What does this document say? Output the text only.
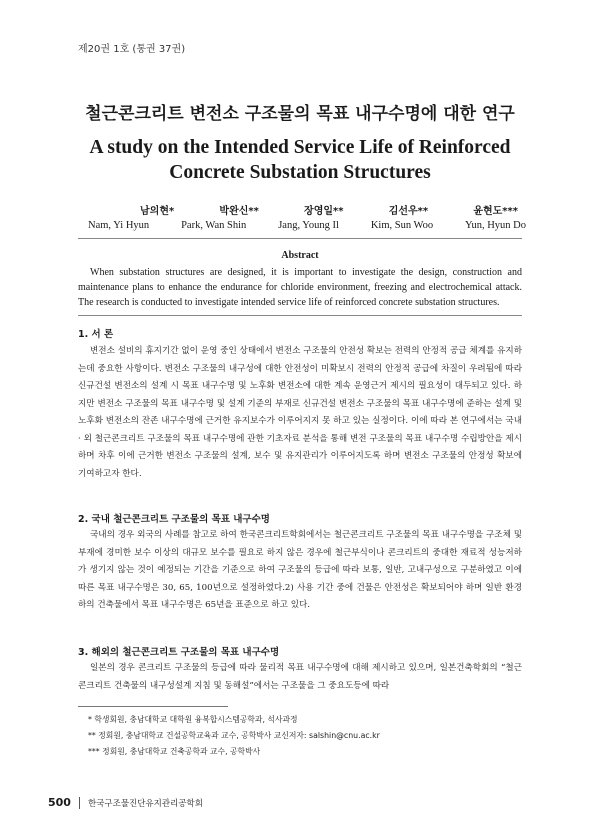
제20권 1호 (통권 37권)
철근콘크리트 변전소 구조물의 목표 내구수명에 대한 연구
A study on the Intended Service Life of Reinforced
Concrete Substation Structures
남의현*	박완신**	장영일**	김선우**	윤현도***
Nam, Yi Hyun	Park, Wan Shin	Jang, Young Il	Kim, Sun Woo	Yun, Hyun Do
Abstract

When substation structures are designed, it is important to investigate the design, construction and maintenance plans to enhance the endurance for chloride environment, freezing and electrochemical attack. The research is conducted to investigate intended service life of reinforced concrete substation structures.

1. 서 론

변전소 설비의 휴지기간 없이 운영 중인 상태에서 변전소 구조물의 안전성 확보는 전력의 안정적 공급 체계를 유지하는데 중요한 사항이다. 변전소 구조물의 내구성에 대한 안전성이 미확보시 전력의 안정적 공급에 차질이 우려됨에 따라 신규건설 변전소의 설계 시 목표 내구수명 및 노후화 변전소에 대한 계속 운영근거 제시의 필요성이 대두되고 있다. 하지만 변전소 구조물의 목표 내구수명 및 설계 기준의 부재로 신규건설 변전소 구조물의 목표 내구수명에 준하는 설계 및 노후화 변전소의 잔존 내구수명에 근거한 유지보수가 이루어지지 못 하고 있는 실정이다. 이에 따라 본 연구에서는 국내 · 외 철근콘크리트 구조물의 목표 내구수명에 관한 기초자료 분석을 통해 변전 구조물의 목표 내구수명 수립방안을 제시하며 차후 이에 근거한 변전소 구조물의 설계, 보수 및 유지관리가 이루어지도록 하며 변전소 구조물의 안정성 확보에 기여하고자 한다.

2. 국내 철근콘크리트 구조물의 목표 내구수명

국내의 경우 외국의 사례를 참고로 하여 한국콘크리트학회에서는 철근콘크리트 구조물의 목표 내구수명을 구조체 및 부재에 경미한 보수 이상의 대규모 보수를 필요로 하지 않은 경우에 철근부식이나 콘크리트의 중대한 재료적 성능저하가 생기지 않는 것이 예정되는 기간을 기준으로 하여 구조물의 등급에 따라 보통, 일반, 고내구성으로 구분하였고 이에 따른 목표 내구수명은 30, 65, 100년으로 설정하였다.2) 사용 기간 중에 건물은 안전성은 확보되어야 하며 일반 환경하의 건축물에서 목표 내구수명은 65년을 표준으로 하고 있다.

3. 해외의 철근콘크리트 구조물의 목표 내구수명

일본의 경우 콘크리트 구조물의 등급에 따라 물리적 목표 내구수명에 대해 제시하고 있으며, 일본건축학회의 “철근콘크리트 건축물의 내구성설계 지침 및 동해설”에서는 구조물을 그 중요도등에 따라

* 학생회원, 충남대학교 대학원 융복합시스템공학과, 석사과정
** 정회원, 충남대학교 건설공학교육과 교수, 공학박사 교신저자: salshin@cnu.ac.kr
*** 정회원, 충남대학교 건축공학과 교수, 공학박사
500	한국구조물진단유지관리공학회
